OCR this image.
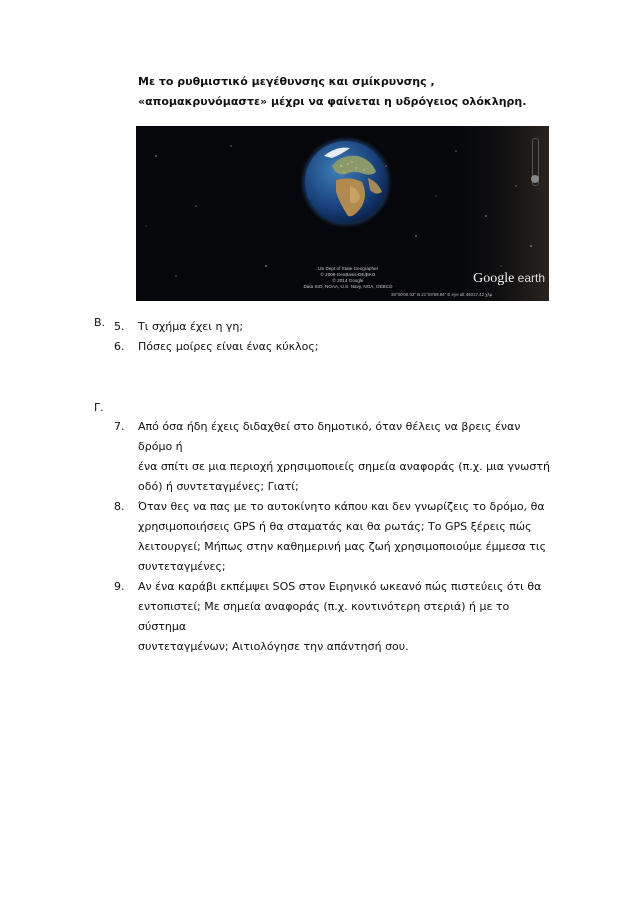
Με το ρυθμιστικό μεγέθυνσης και σμίκρυνσης ,
«απομακρυνόμαστε» μέχρι να φαίνεται η υδρόγειος ολόκληρη.
US Dept of State Geographer
© 2009 GeoBasis-DE/BKG
© 2014 Google
Data SIO, NOAA, U.S. Navy, NGA, GEBCO
Google earth
38°00'00.02" Β 21°59'59.94" Ε eye alt 46017.42 χλμ
Β. 5. Τι σχήμα έχει η γη;
6. Πόσες μοίρες είναι ένας κύκλος;
Γ.
7. Από όσα ήδη έχεις διδαχθεί στο δημοτικό, όταν θέλεις να βρεις έναν δρόμο ή
ένα σπίτι σε μια περιοχή χρησιμοποιείς σημεία αναφοράς (π.χ. μια γνωστή
οδό) ή συντεταγμένες; Γιατί;
8. Όταν θες να πας με το αυτοκίνητο κάπου και δεν γνωρίζεις το δρόμο, θα
χρησιμοποιήσεις GPS ή θα σταματάς και θα ρωτάς; Το GPS ξέρεις πώς
λειτουργεί; Μήπως στην καθημερινή μας ζωή χρησιμοποιούμε έμμεσα τις
συντεταγμένες;
9. Αν ένα καράβι εκπέμψει SOS στον Ειρηνικό ωκεανό πώς πιστεύεις ότι θα
εντοπιστεί; Με σημεία αναφοράς (π.χ. κοντινότερη στεριά) ή με το σύστημα
συντεταγμένων; Αιτιολόγησε την απάντησή σου.
